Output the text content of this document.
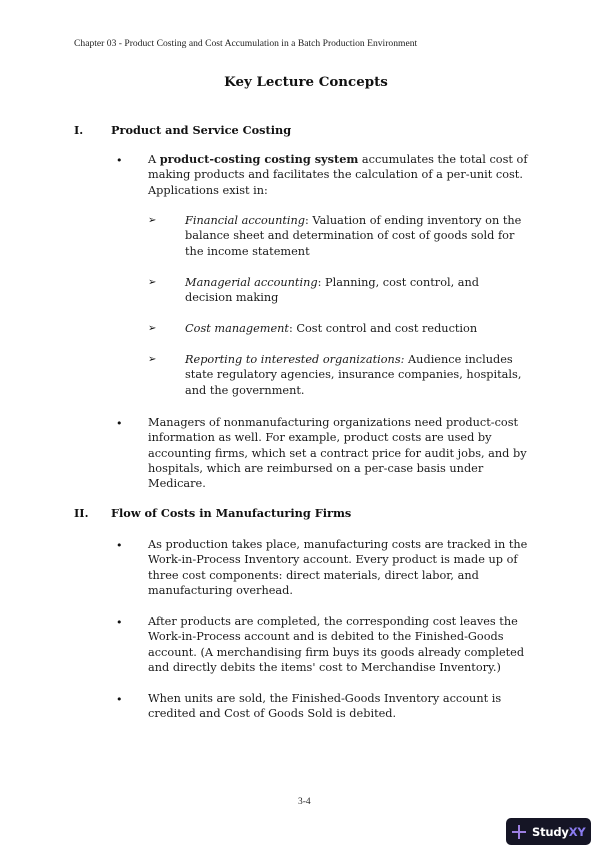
Chapter 03 - Product Costing and Cost Accumulation in a Batch Production Environment
Key Lecture Concepts
I. Product and Service Costing
• A product-costing costing system accumulates the total cost of making products and facilitates the calculation of a per-unit cost. Applications exist in:
➢	Financial accounting: Valuation of ending inventory on the balance sheet and determination of cost of goods sold for the income statement
➢	Managerial accounting: Planning, cost control, and decision making
➢	Cost management: Cost control and cost reduction
➢	Reporting to interested organizations: Audience includes state regulatory agencies, insurance companies, hospitals, and the government.
• Managers of nonmanufacturing organizations need product-cost information as well. For example, product costs are used by accounting firms, which set a contract price for audit jobs, and by hospitals, which are reimbursed on a per-case basis under Medicare.
II. Flow of Costs in Manufacturing Firms
• As production takes place, manufacturing costs are tracked in the Work-in-Process Inventory account. Every product is made up of three cost components: direct materials, direct labor, and manufacturing overhead.
• After products are completed, the corresponding cost leaves the Work-in-Process account and is debited to the Finished-Goods account. (A merchandising firm buys its goods already completed and directly debits the items' cost to Merchandise Inventory.)
• When units are sold, the Finished-Goods Inventory account is credited and Cost of Goods Sold is debited.
3-4
StudyXY
